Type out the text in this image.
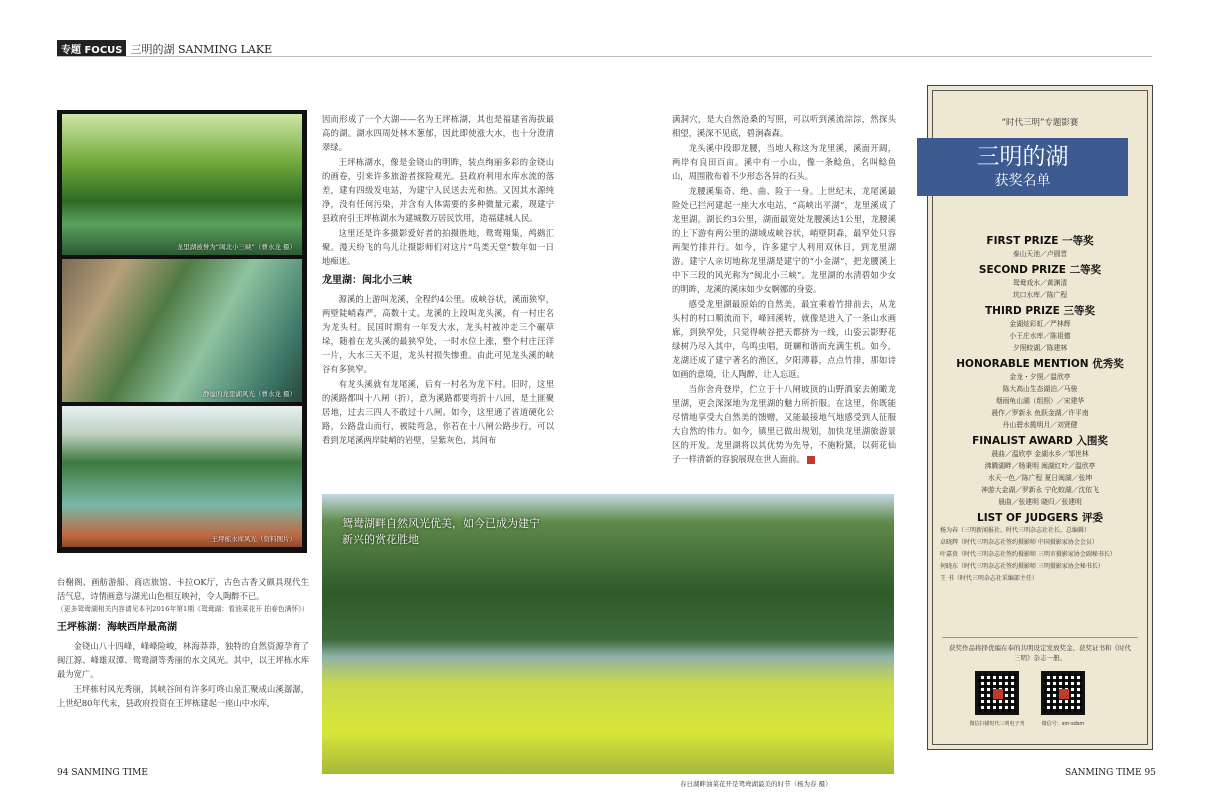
专题 FOCUS 三明的湖 SANMING LAKE
龙里湖被誉为“闽北小三峡”（曹水龙 摄）
静谧的龙里湖风光（曹水龙 摄）
王坪栋水库风光（资料图片）

因而形成了一个大湖——名为王坪栋湖，其也是福建省海拔最高的湖。湖水四周处林木葱郁，因此即使涨大水，也十分澄清翠绿。

王坪栋湖水，像是金铙山的明眸，装点绚丽多彩的金铙山的画卷，引来许多旅游者探险观光。县政府利用水库水流的落差，建有四级发电站，为建宁人民送去光和热。又因其水源纯净，没有任何污染，并含有人体需要的多种微量元素，现建宁县政府引王坪栋湖水为建城数万居民饮用，造福建城人民。

这里还是许多摄影爱好者的拍摄胜地，鸳鸯翔集，鸬鹚汇聚。漫天纷飞的鸟儿让摄影师们对这片“鸟类天堂”数年如一日地痴迷。

龙里湖：闽北小三峡

源溪的上游叫龙溪，全程约4公里。成峡谷状，溪面狭窄，两壁陡峭森严，高数十丈。龙溪的上段叫龙头溪，有一村庄名为龙头村。民国时期有一年发大水，龙头村被冲走三个碾草垛，随着在龙头溪的最狭窄处，一时水位上涨，整个村庄汪洋一片，大水三天不退，龙头村损失惨重。由此可见龙头溪的峡谷有多狭窄。

有龙头溪就有龙尾溪，后有一村名为龙下村。旧时，这里的溪路都叫十八闸（折），意为溪路都要弯折十八回，是土匪聚居地，过去三四人不敢过十八闸。如今，这里通了省道硬化公路，公路盘山而行，被陡弯急，你若在十八闸公路步行，可以看到龙尾溪两岸陡峭的岩壁，呈紫灰色，其间布

满洞穴，是大自然沧桑的写照，可以听到溪流淙淙，然探头相望，溪深不见底，碧涧森森。

龙头溪中段即龙腰，当地人称这为龙里溪，溪面开阔，两岸有良田百亩。溪中有一小山，像一条鲶鱼，名叫鲶鱼山，周围散布着不少形态各异的石头。

龙腰溪集奇、绝、曲、险于一身。上世纪末，龙尾溪最险处已拦河建起一座大水电站，“高峡出平湖”，龙里溪成了龙里湖。湖长约3公里，湖面最宽处龙腰溪达1公里，龙腰溪的上下游有两公里的湖域成峡谷状，峭壁阴森，最窄处只容两架竹排并行。如今，许多建宁人利用双休日，到龙里湖游。建宁人亲切地称龙里湖是建宁的“小金湖”，把龙腰溪上中下三段的风光称为“闽北小三峡”。龙里湖的水清碧如少女的明眸，龙溪的溪床如少女婀娜的身姿。

感受龙里湖最原始的自然美，最宜乘着竹排前去，从龙头村的村口顺流而下，峰回溪转，就像是进入了一条山水画廊，到狭窄处，只觉得峡谷把天都挤为一线，山姿云影野花绿树乃尽入其中，鸟鸣虫唱，斑斓和谐而充满生机。如今，龙湖还成了建宁著名的渔区，夕阳薄暮，点点竹排，那如诗如画的意境，让人陶醉，让人忘返。

当你舍舟登岸，伫立于十八闸坡顶的山野酒家去俯瞰龙里湖，更会深深地为龙里湖的魅力所折服。在这里，你既能尽情地享受大自然美的馈赠，又能最接地气地感受到人征服大自然的伟力。如今，镇里已做出规划，加快龙里湖旅游景区的开发。龙里湖将以其优势为先导，不施粉黛，以荷花仙子一样清新的容貌展现在世人面前。

鸳鸯湖畔自然风光优美，如今已成为建宁新兴的赏花胜地
春日湖畔油菜花开是鸳鸯湖最美的时节（杨为春 摄）

台榭阁、画舫游船、商店旅馆、卡拉OK厅，古色古香又颇具现代生活气息，诗情画意与湖光山色相互映衬，令人陶醉不已。

（更多鸳鸯湖相关内容请见本刊2016年第1期《鸳鸯湖：看油菜花开 拍春色满怀》）

王坪栋湖：海峡西岸最高湖

金铙山八十四峰，峰峰险峻，林海莽莽，独特的自然资源孕育了闽江源、峰雄双潭、鸳鸯湖等秀丽的水文风光。其中，以王坪栋水库最为宽广。

王坪栋村风光秀丽，其峡谷间有许多叮咚山泉汇聚成山溪潺潺，上世纪80年代末，县政府投资在王坪栋建起一座山中水库，

“时代三明”专题影赛
三明的湖
获奖名单
FIRST PRIZE 一等奖
泰山天池／卢圆晋
SECOND PRIZE 二等奖
鸳鸯戏水／黄渊清
坑口水库／陈广程
THIRD PRIZE 三等奖
金湖炫彩虹／严林辉
小王庄水库／陈祖德
夕照蛟湖／陈建林
HONORABLE MENTION 优秀奖
金龙・夕照／温欣亭
陈大高山生态湖泊／马骏
烟雨龟山湖（组照）／宋建华
晨作／罗新永 鱼跃金湖／许平南
丹山碧水揽明月／刘贤健
FINALIST AWARD 入围奖
晨曲／温欣亭 金湖水乡／邹世林
沸腾湖畔／杨秉明 闽湖红叶／温欣亭
水天一色／陈广程 夏日闽湖／张坤
神游大金湖／罗新永 宁化蛟湖／沈依飞
晨曲／张建明 晓归／张建明
LIST OF JUDGERS 评委
杨为春（三明新闻报社、时代三明杂志社社长、总编辑）
卓晓辉（时代三明杂志社签约摄影师 中国摄影家协会会员）
叶嘉贵（时代三明杂志社签约摄影师 三明市摄影家协会副秘书长）
何晓东（时代三明杂志社签约摄影师 三明摄影家协会秘书长）
王 书（时代三明杂志社采编部主任）
获奖作品将择优编在奉的共明设定发放奖金、获奖证书和《时代三明》杂志一册。
微信扫描时代三明电子刊	微信号：sm-sdsm
94 SANMING TIME	SANMING TIME 95
